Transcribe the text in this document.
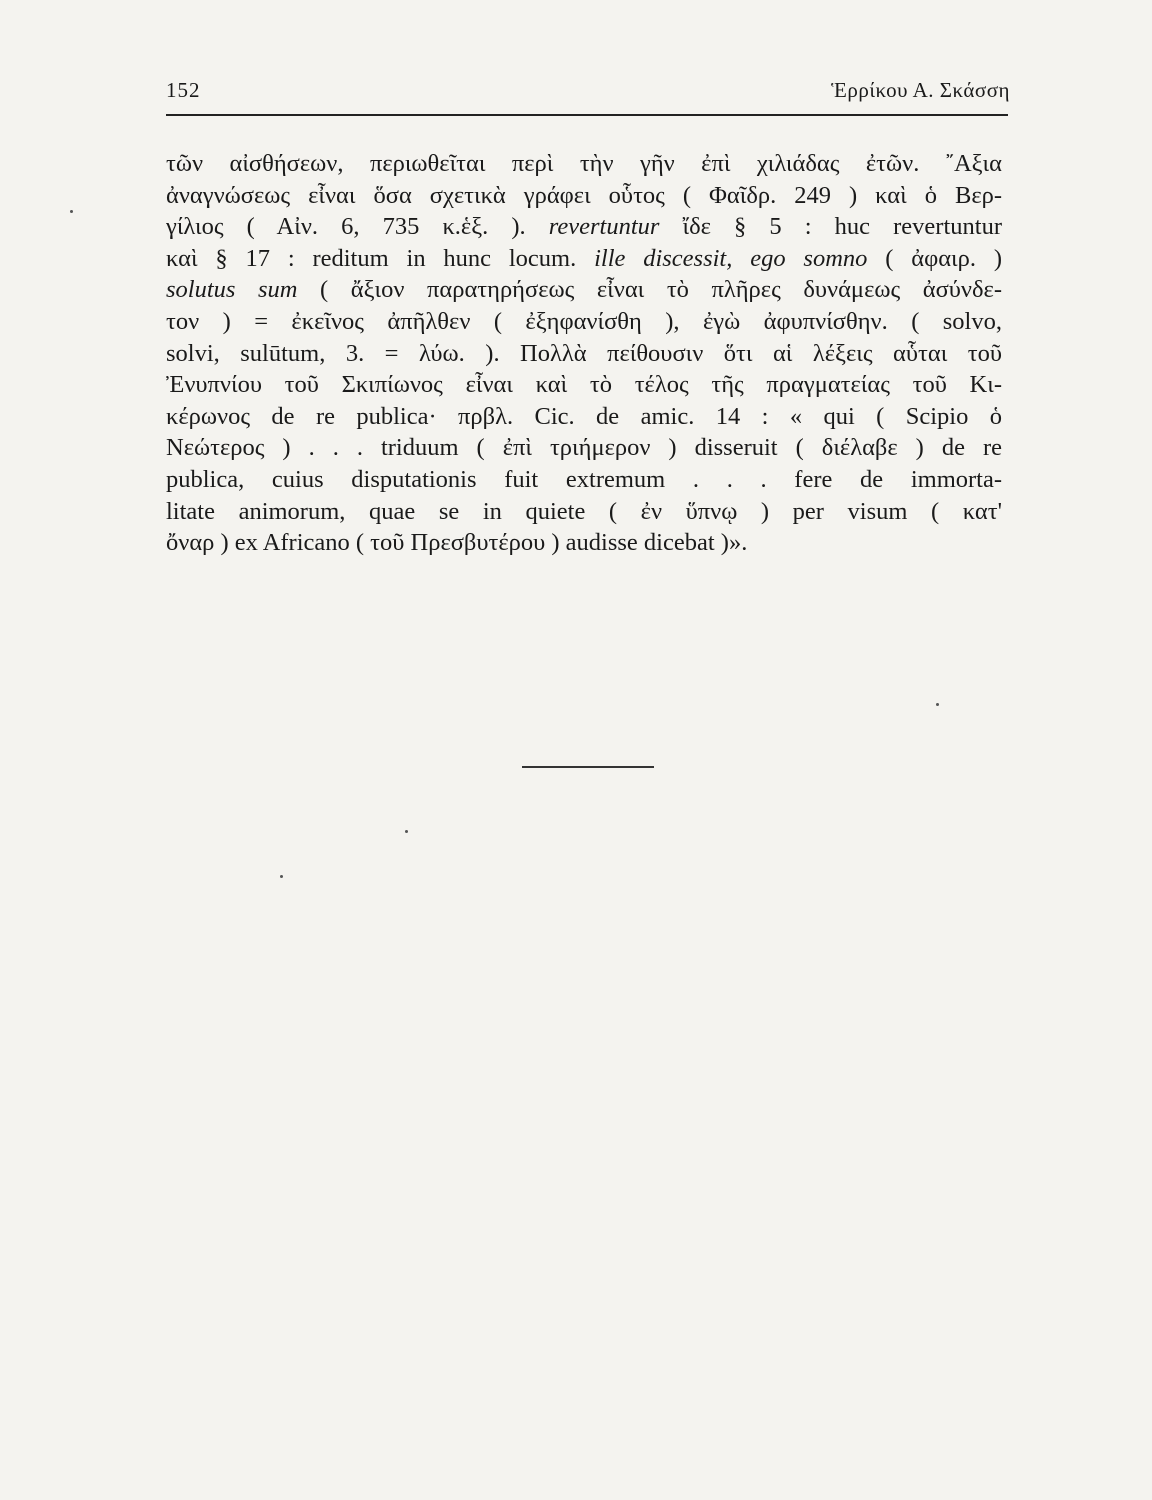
152	Ἑρρίκου Α. Σκάσση
τῶν αἰσθήσεων, περιωθεῖται περὶ τὴν γῆν ἐπὶ χιλιάδας ἐτῶν. ῎Αξια
ἀναγνώσεως εἶναι ὅσα σχετικὰ γράφει οὗτος ( Φαῖδρ. 249 ) καὶ ὁ Βερ-
γίλιος ( Αἰν. 6, 735 κ.ἑξ. ). revertuntur ἴδε § 5 : huc revertuntur
καὶ § 17 : reditum in hunc locum. ille discessit, ego somno ( ἀφαιρ. )
solutus sum ( ἄξιον παρατηρήσεως εἶναι τὸ πλῆρες δυνάμεως ἀσύνδε-
τον ) = ἐκεῖνος ἀπῆλθεν ( ἐξηφανίσθη ), ἐγὼ ἀφυπνίσθην. ( solvo,
solvi, sulūtum, 3. = λύω. ). Πολλὰ πείθουσιν ὅτι αἱ λέξεις αὗται τοῦ
Ἐνυπνίου τοῦ Σκιπίωνος εἶναι καὶ τὸ τέλος τῆς πραγματείας τοῦ Κι-
κέρωνος de re publica· πρβλ. Cic. de amic. 14 : « qui ( Scipio ὁ
Νεώτερος ) . . . triduum ( ἐπὶ τριήμερον ) disseruit ( διέλαβε ) de re
publica, cuius disputationis fuit extremum . . . fere de immorta-
litate animorum, quae se in quiete ( ἐν ὕπνῳ ) per visum ( κατ'
ὄναρ ) ex Africano ( τοῦ Πρεσβυτέρου ) audisse dicebat )».
